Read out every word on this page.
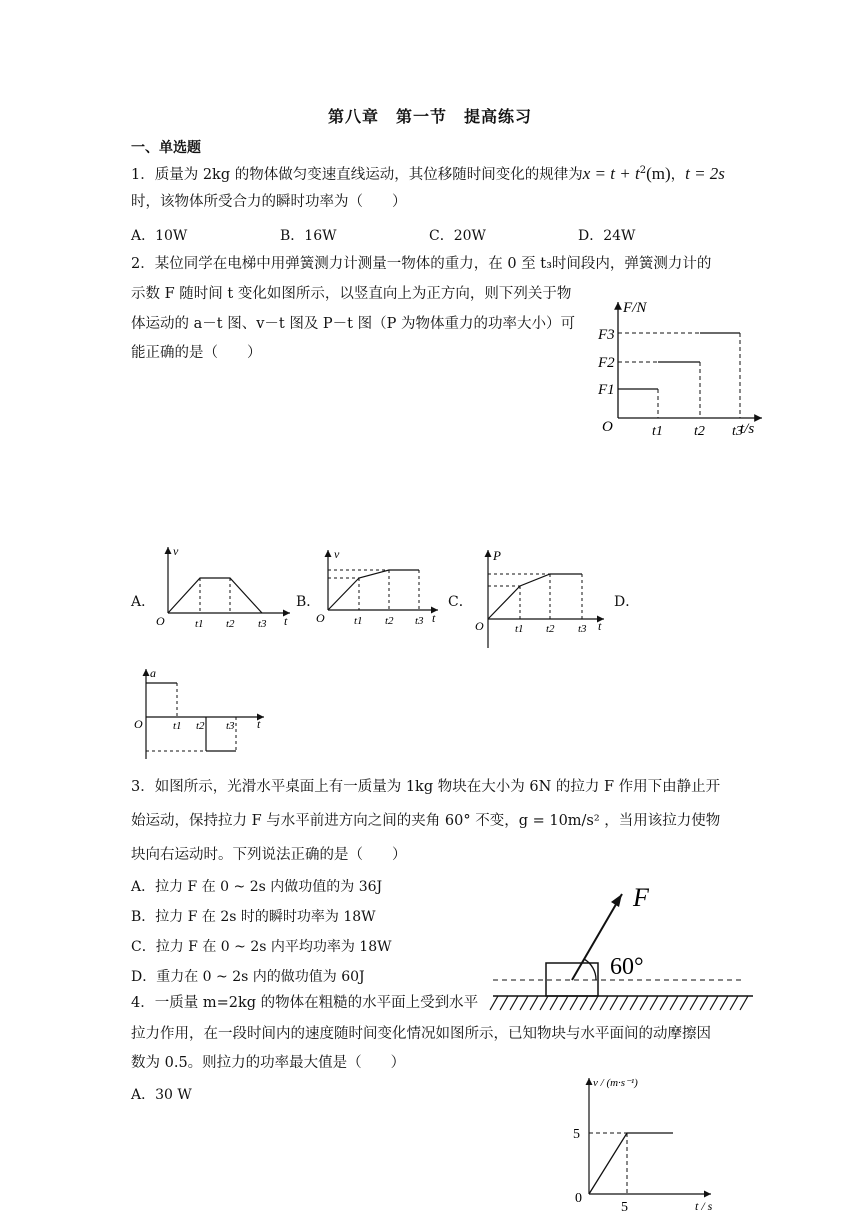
第八章　第一节　提高练习
一、单选题
1．质量为 2kg 的物体做匀变速直线运动，其位移随时间变化的规律为$x = t + t^2(m)$，t = 2s
时，该物体所受合力的瞬时功率为（　　）
A．10W	B．16W	C．20W	D．24W
2．某位同学在电梯中用弹簧测力计测量一物体的重力，在 0 至 t₃时间段内，弹簧测力计的
示数 F 随时间 t 变化如图所示，以竖直向上为正方向，则下列关于物
体运动的 a－t 图、v－t 图及 P－t 图（P 为物体重力的功率大小）可
能正确的是（　　）
F/N
t/s
O
F3
F2
F1
t1 t2 t3
A．	B．	C．	D．
v
t
O	t1 t2 t3
v
t
O	t1 t2 t3
P
t
O	t1 t2 t3
a
t
O	t1 t2 t3
3．如图所示，光滑水平桌面上有一质量为 1kg 物块在大小为 6N 的拉力 F 作用下由静止开
始运动，保持拉力 F 与水平前进方向之间的夹角 60° 不变，g = 10m/s² ，当用该拉力使物
块向右运动时。下列说法正确的是（　　）
A．拉力 F 在 0 ~ 2s 内做功值的为 36J
B．拉力 F 在 2s 时的瞬时功率为 18W
C．拉力 F 在 0 ~ 2s 内平均功率为 18W
D．重力在 0 ~ 2s 内的做功值为 60J
F
60°
4．一质量 m=2kg 的物体在粗糙的水平面上受到水平
拉力作用，在一段时间内的速度随时间变化情况如图所示，已知物块与水平面间的动摩擦因
数为 0.5。则拉力的功率最大值是（　　）
A．30 W
v / (m·s⁻¹)
t / s
0
5
5
